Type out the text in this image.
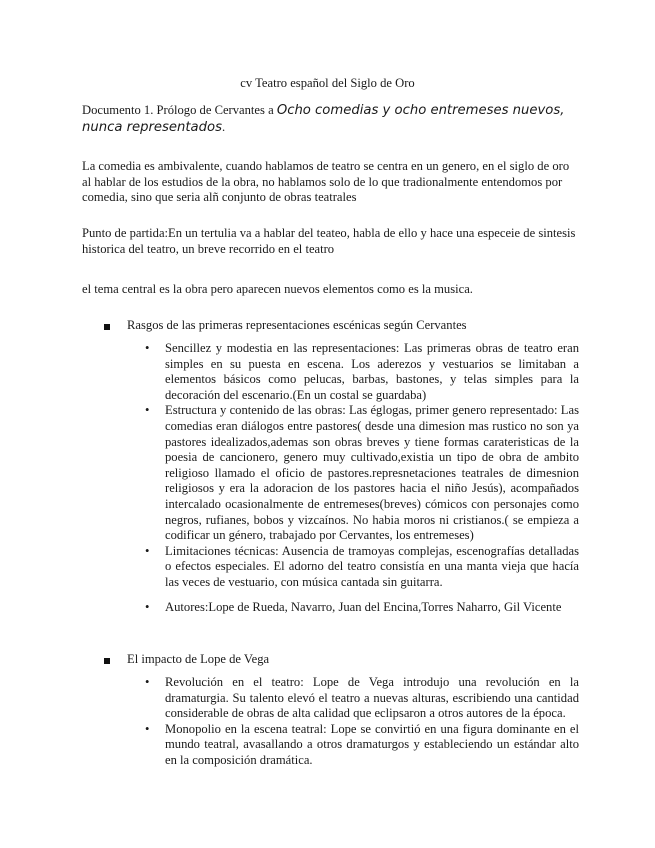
cv Teatro español del Siglo de Oro

Documento 1. Prólogo de Cervantes a Ocho comedias y ocho entremeses nuevos, nunca representados.

La comedia es ambivalente, cuando hablamos de teatro se centra en un genero, en el siglo de oro al hablar de los estudios de la obra, no hablamos solo de lo que tradionalmente entendomos por comedia, sino que seria alñ conjunto de obras teatrales

Punto de partida:En un tertulia va a hablar del teateo, habla de ello y hace una especeie de sintesis historica del teatro, un breve recorrido en el teatro

el tema central es la obra pero aparecen nuevos elementos como es la musica.

Rasgos de las primeras representaciones escénicas según Cervantes

• Sencillez y modestia en las representaciones: Las primeras obras de teatro eran simples en su puesta en escena. Los aderezos y vestuarios se limitaban a elementos básicos como pelucas, barbas, bastones, y telas simples para la decoración del escenario.(En un costal se guardaba)
• Estructura y contenido de las obras: Las églogas, primer genero representado: Las comedias eran diálogos entre pastores( desde una dimesion mas rustico no son ya pastores idealizados,ademas son obras breves y tiene formas carateristicas de la poesia de cancionero, genero muy cultivado,existia un tipo de obra de ambito religioso llamado el oficio de pastores.represnetaciones teatrales de dimesnion religiosos y era la adoracion de los pastores hacia el niño Jesús), acompañados intercalado ocasionalmente de entremeses(breves) cómicos con personajes como negros, rufianes, bobos y vizcaínos. No habia moros ni cristianos.( se empieza a codificar un género, trabajado por Cervantes, los entremeses)
• Limitaciones técnicas: Ausencia de tramoyas complejas, escenografías detalladas o efectos especiales. El adorno del teatro consistía en una manta vieja que hacía las veces de vestuario, con música cantada sin guitarra.
• Autores:Lope de Rueda, Navarro, Juan del Encina,Torres Naharro, Gil Vicente

El impacto de Lope de Vega

• Revolución en el teatro: Lope de Vega introdujo una revolución en la dramaturgia. Su talento elevó el teatro a nuevas alturas, escribiendo una cantidad considerable de obras de alta calidad que eclipsaron a otros autores de la época.
• Monopolio en la escena teatral: Lope se convirtió en una figura dominante en el mundo teatral, avasallando a otros dramaturgos y estableciendo un estándar alto en la composición dramática.
